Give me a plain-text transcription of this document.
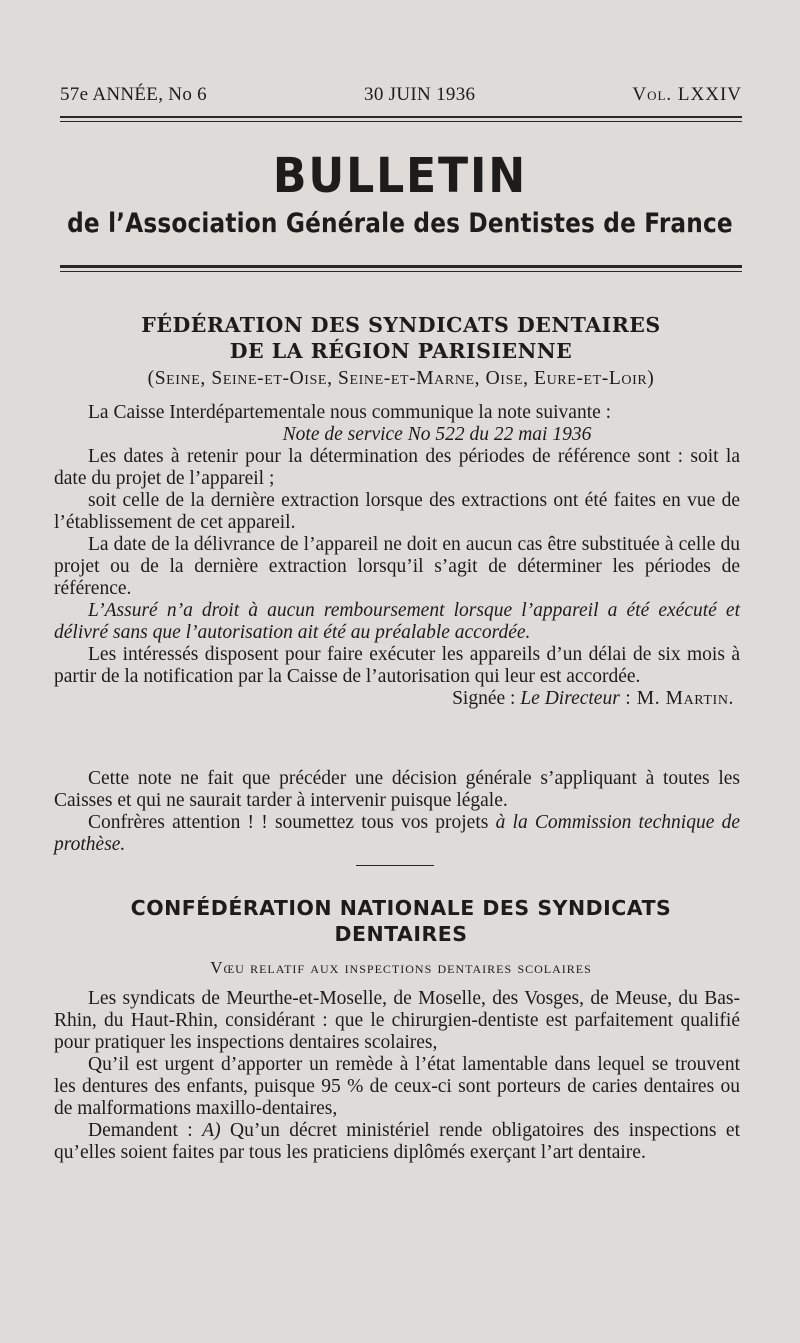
57e ANNÉE, No 6	30 JUIN 1936	Vol. LXXIV
BULLETIN
de l’Association Générale des Dentistes de France
FÉDÉRATION DES SYNDICATS DENTAIRES
DE LA RÉGION PARISIENNE
(Seine, Seine-et-Oise, Seine-et-Marne, Oise, Eure-et-Loir)

La Caisse Interdépartementale nous communique la note suivante :

Note de service No 522 du 22 mai 1936

Les dates à retenir pour la détermination des périodes de référence sont : soit la date du projet de l’appareil ;

soit celle de la dernière extraction lorsque des extractions ont été faites en vue de l’établissement de cet appareil.

La date de la délivrance de l’appareil ne doit en aucun cas être substituée à celle du projet ou de la dernière extraction lorsqu’il s’agit de déterminer les périodes de référence.

L’Assuré n’a droit à aucun remboursement lorsque l’appareil a été exécuté et délivré sans que l’autorisation ait été au préalable accordée.

Les intéressés disposent pour faire exécuter les appareils d’un délai de six mois à partir de la notification par la Caisse de l’autorisation qui leur est accordée.

Signée : Le Directeur : M. Martin.

Cette note ne fait que précéder une décision générale s’appliquant à toutes les Caisses et qui ne saurait tarder à intervenir puisque légale.

Confrères attention ! ! soumettez tous vos projets à la Commission technique de prothèse.

CONFÉDÉRATION NATIONALE DES SYNDICATS
DENTAIRES
Vœu relatif aux inspections dentaires scolaires

Les syndicats de Meurthe-et-Moselle, de Moselle, des Vosges, de Meuse, du Bas-Rhin, du Haut-Rhin, considérant : que le chirurgien-dentiste est parfaitement qualifié pour pratiquer les inspections dentaires scolaires,

Qu’il est urgent d’apporter un remède à l’état lamentable dans lequel se trouvent les dentures des enfants, puisque 95 % de ceux-ci sont porteurs de caries dentaires ou de malformations maxillo-dentaires,

Demandent : A) Qu’un décret ministériel rende obligatoires des inspections et qu’elles soient faites par tous les praticiens diplômés exerçant l’art dentaire.
